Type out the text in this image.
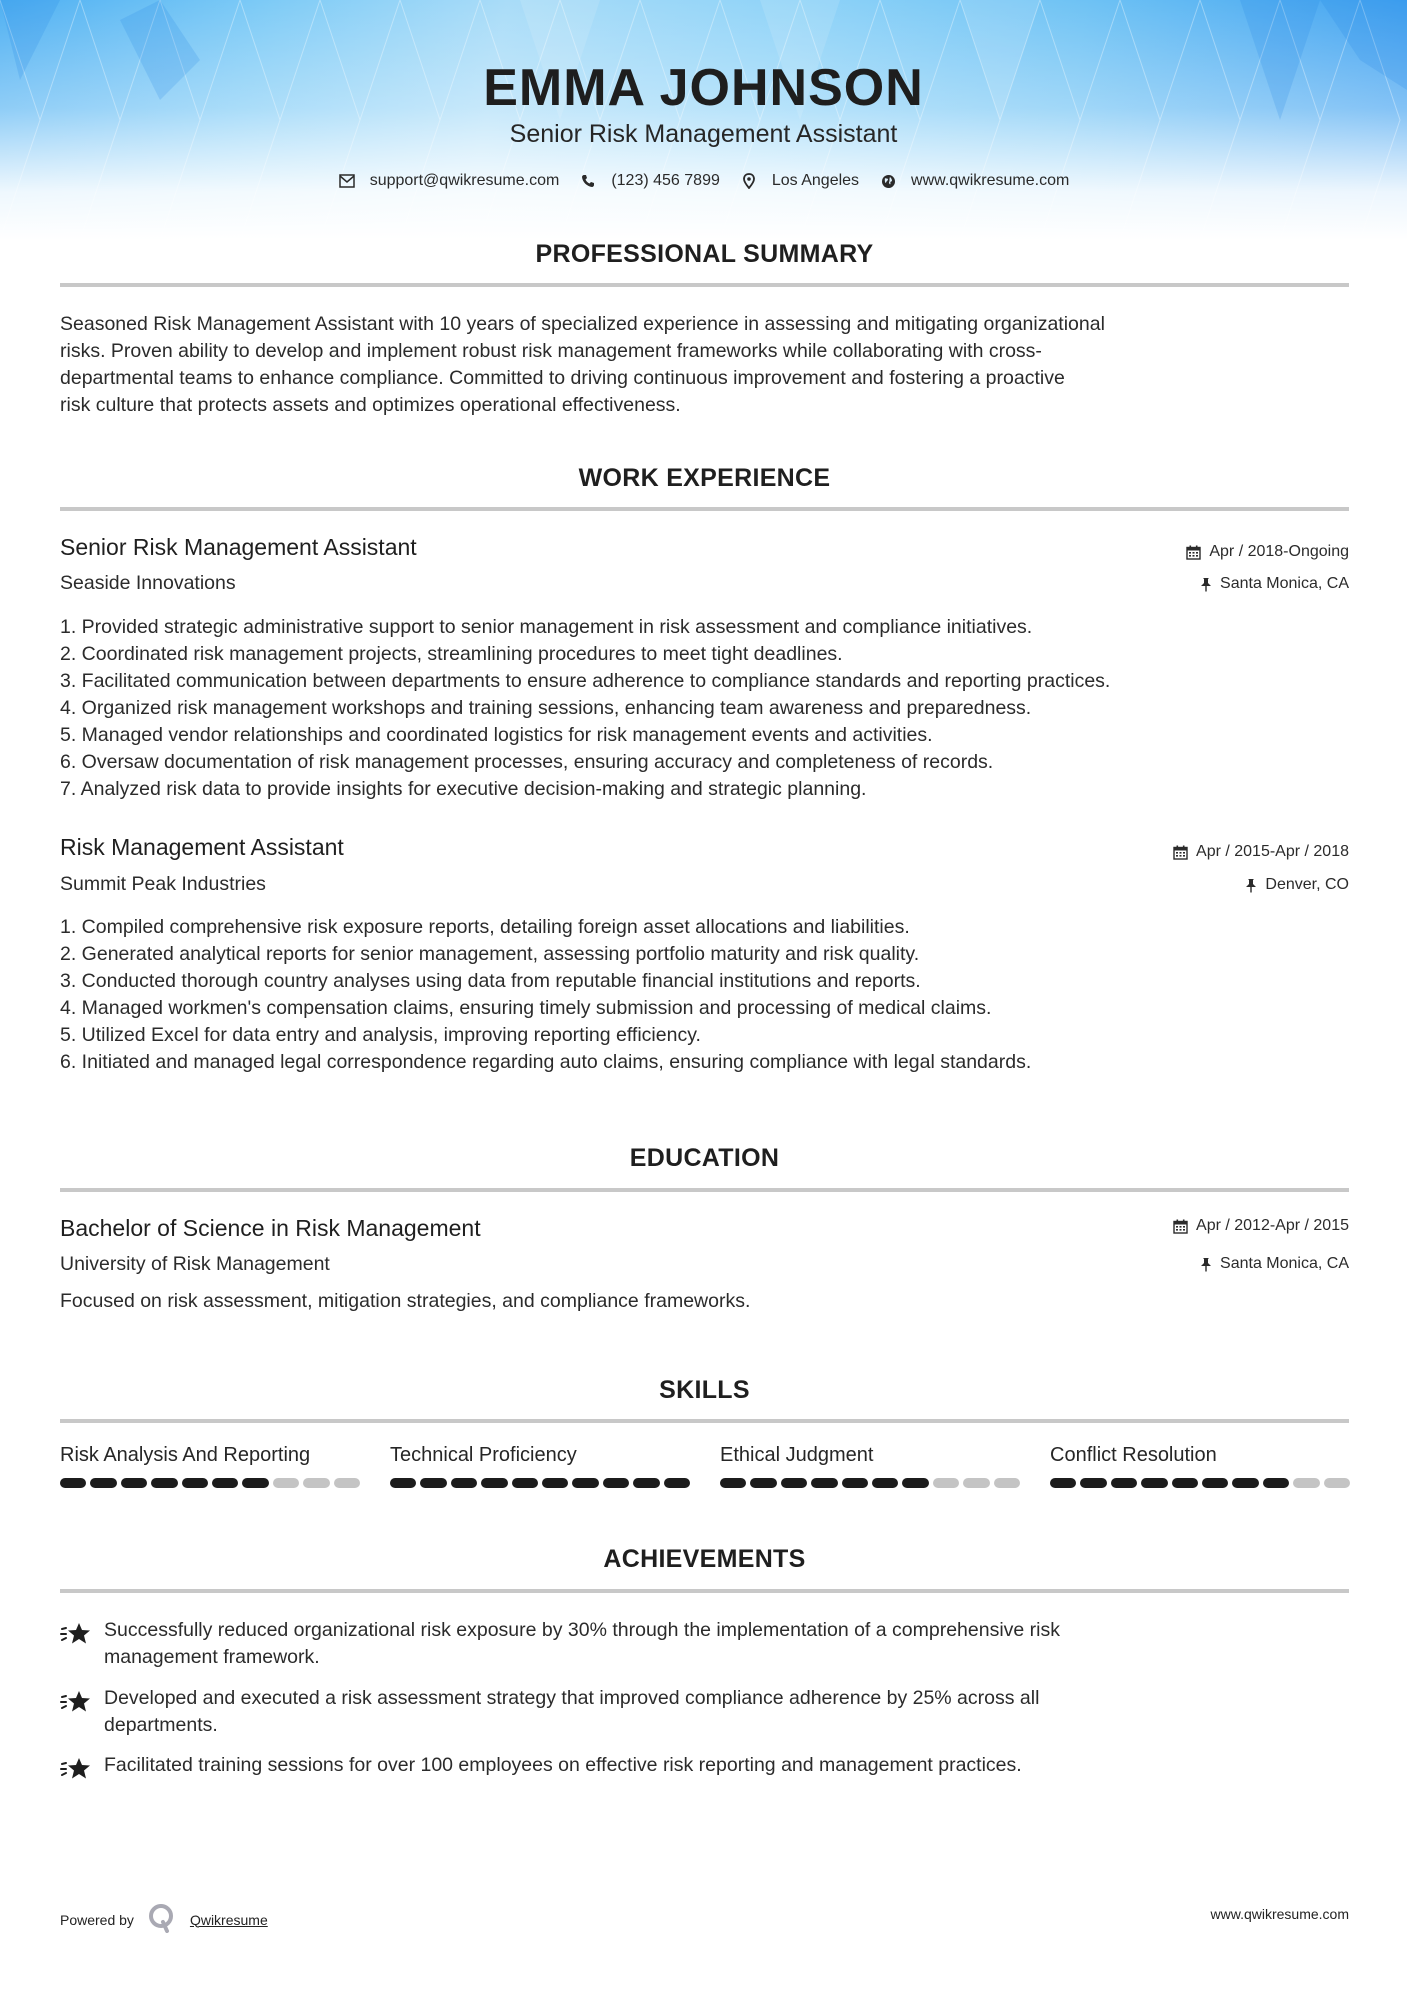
EMMA JOHNSON
Senior Risk Management Assistant
support@qwikresume.com	(123) 456 7899	Los Angeles	www.qwikresume.com
PROFESSIONAL SUMMARY
Seasoned Risk Management Assistant with 10 years of specialized experience in assessing and mitigating organizational
risks. Proven ability to develop and implement robust risk management frameworks while collaborating with cross-
departmental teams to enhance compliance. Committed to driving continuous improvement and fostering a proactive
risk culture that protects assets and optimizes operational effectiveness.
WORK EXPERIENCE
Senior Risk Management Assistant	Apr / 2018-Ongoing
Seaside Innovations	Santa Monica, CA
1. Provided strategic administrative support to senior management in risk assessment and compliance initiatives.
2. Coordinated risk management projects, streamlining procedures to meet tight deadlines.
3. Facilitated communication between departments to ensure adherence to compliance standards and reporting practices.
4. Organized risk management workshops and training sessions, enhancing team awareness and preparedness.
5. Managed vendor relationships and coordinated logistics for risk management events and activities.
6. Oversaw documentation of risk management processes, ensuring accuracy and completeness of records.
7. Analyzed risk data to provide insights for executive decision-making and strategic planning.
Risk Management Assistant	Apr / 2015-Apr / 2018
Summit Peak Industries	Denver, CO
1. Compiled comprehensive risk exposure reports, detailing foreign asset allocations and liabilities.
2. Generated analytical reports for senior management, assessing portfolio maturity and risk quality.
3. Conducted thorough country analyses using data from reputable financial institutions and reports.
4. Managed workmen's compensation claims, ensuring timely submission and processing of medical claims.
5. Utilized Excel for data entry and analysis, improving reporting efficiency.
6. Initiated and managed legal correspondence regarding auto claims, ensuring compliance with legal standards.
EDUCATION
Bachelor of Science in Risk Management	Apr / 2012-Apr / 2015
University of Risk Management	Santa Monica, CA
Focused on risk assessment, mitigation strategies, and compliance frameworks.
SKILLS
Risk Analysis And Reporting	Technical Proficiency	Ethical Judgment	Conflict Resolution
ACHIEVEMENTS
Successfully reduced organizational risk exposure by 30% through the implementation of a comprehensive risk
management framework.
Developed and executed a risk assessment strategy that improved compliance adherence by 25% across all
departments.
Facilitated training sessions for over 100 employees on effective risk reporting and management practices.
Powered by	Qwikresume	www.qwikresume.com
